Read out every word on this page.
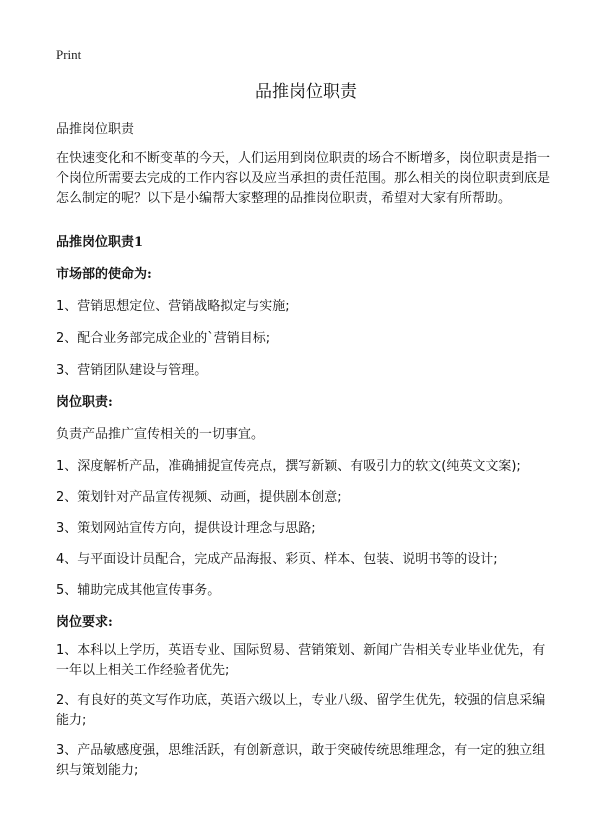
Print
品推岗位职责
品推岗位职责

在快速变化和不断变革的今天，人们运用到岗位职责的场合不断增多，岗位职责是指一个岗位所需要去完成的工作内容以及应当承担的责任范围。那么相关的岗位职责到底是怎么制定的呢？以下是小编帮大家整理的品推岗位职责，希望对大家有所帮助。

品推岗位职责1

市场部的使命为:

1、营销思想定位、营销战略拟定与实施;

2、配合业务部完成企业的`营销目标;

3、营销团队建设与管理。

岗位职责:

负责产品推广宣传相关的一切事宜。

1、深度解析产品，准确捕捉宣传亮点，撰写新颖、有吸引力的软文(纯英文文案);

2、策划针对产品宣传视频、动画，提供剧本创意;

3、策划网站宣传方向，提供设计理念与思路;

4、与平面设计员配合，完成产品海报、彩页、样本、包装、说明书等的设计;

5、辅助完成其他宣传事务。

岗位要求:

1、本科以上学历，英语专业、国际贸易、营销策划、新闻广告相关专业毕业优先，有一年以上相关工作经验者优先;

2、有良好的英文写作功底，英语六级以上，专业八级、留学生优先，较强的信息采编能力;

3、产品敏感度强，思维活跃，有创新意识，敢于突破传统思维理念，有一定的独立组织与策划能力;
